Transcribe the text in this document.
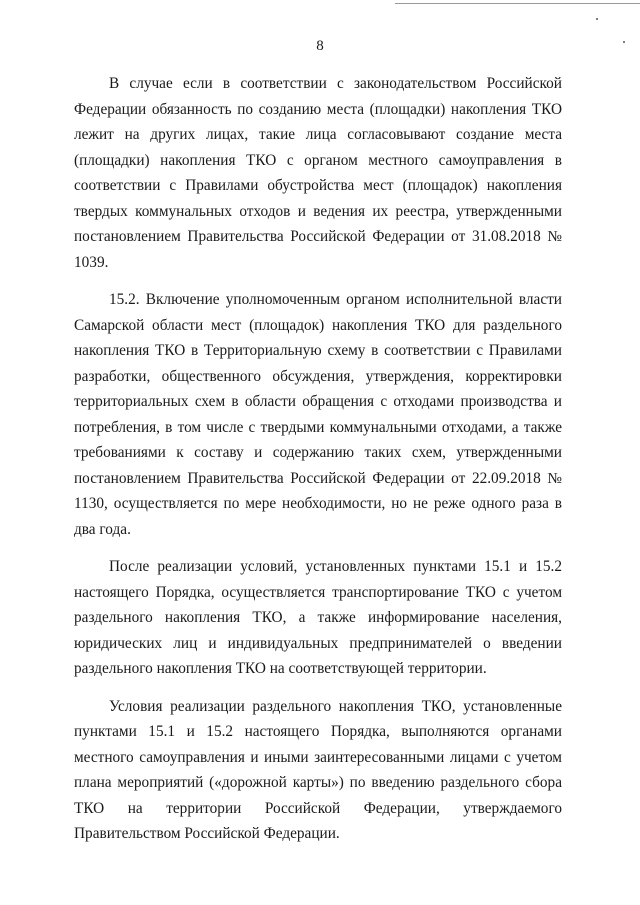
8

В случае если в соответствии с законодательством Российской Федерации обязанность по созданию места (площадки) накопления ТКО лежит на других лицах, такие лица согласовывают создание места (площадки) накопления ТКО с органом местного самоуправления в соответствии с Правилами обустройства мест (площадок) накопления твердых коммунальных отходов и ведения их реестра, утвержденными постановлением Правительства Российской Федерации от 31.08.2018 № 1039.

15.2. Включение уполномоченным органом исполнительной власти Самарской области мест (площадок) накопления ТКО для раздельного накопления ТКО в Территориальную схему в соответствии с Правилами разработки, общественного обсуждения, утверждения, корректировки территориальных схем в области обращения с отходами производства и потребления, в том числе с твердыми коммунальными отходами, а также требованиями к составу и содержанию таких схем, утвержденными постановлением Правительства Российской Федерации от 22.09.2018 № 1130, осуществляется по мере необходимости, но не реже одного раза в два года.

После реализации условий, установленных пунктами 15.1 и 15.2 настоящего Порядка, осуществляется транспортирование ТКО с учетом раздельного накопления ТКО, а также информирование населения, юридических лиц и индивидуальных предпринимателей о введении раздельного накопления ТКО на соответствующей территории.

Условия реализации раздельного накопления ТКО, установленные пунктами 15.1 и 15.2 настоящего Порядка, выполняются органами местного самоуправления и иными заинтересованными лицами с учетом плана мероприятий («дорожной карты») по введению раздельного сбора ТКО на территории Российской Федерации, утверждаемого Правительством Российской Федерации.
